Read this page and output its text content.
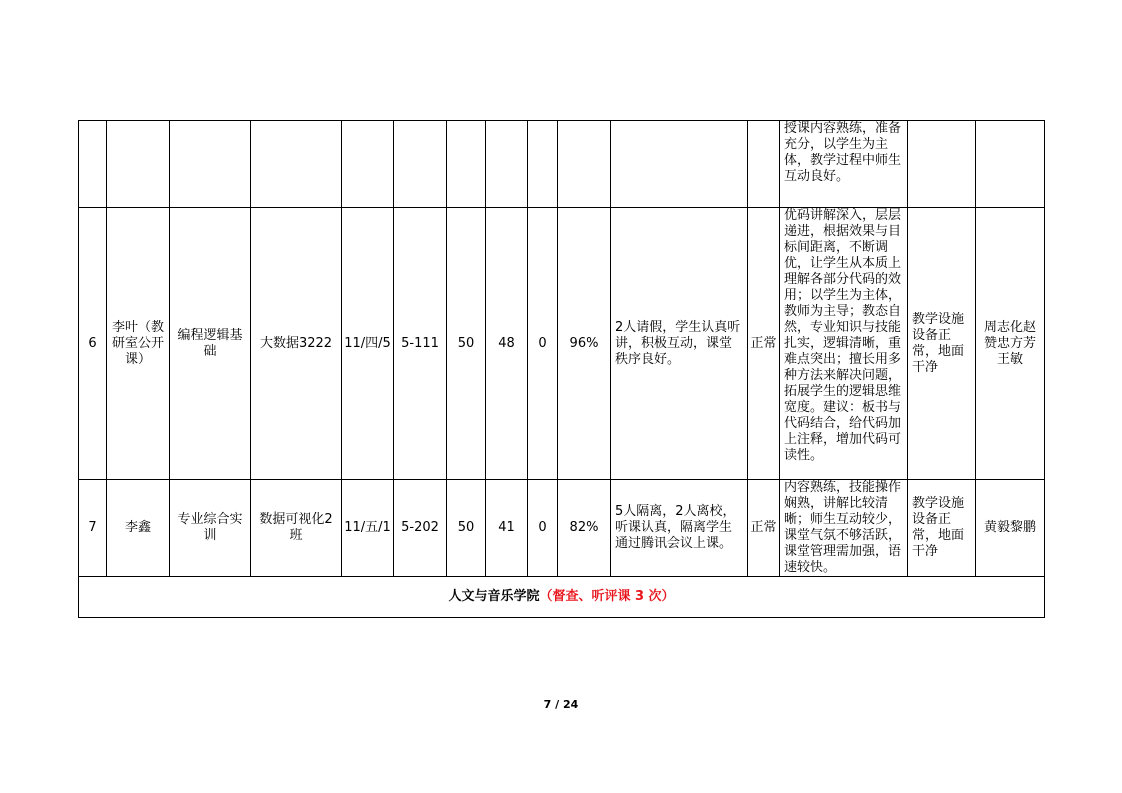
												授课内容熟练，准备充分，以学生为主体，教学过程中师生互动良好。		
6	李叶（教研室公开课）	编程逻辑基础	大数据3222	11/四/5	5-111	50	48	0	96%	2人请假，学生认真听讲，积极互动，课堂秩序良好。	正常	优码讲解深入，层层递进，根据效果与目标间距离，不断调优，让学生从本质上理解各部分代码的效用；以学生为主体，教师为主导；教态自然，专业知识与技能扎实，逻辑清晰，重难点突出；擅长用多种方法来解决问题，拓展学生的逻辑思维宽度。建议：板书与代码结合，给代码加上注释，增加代码可读性。	教学设施设备正常，地面干净	周志化赵赞忠方芳王敏
7	李鑫	专业综合实训	数据可视化2班	11/五/1	5-202	50	41	0	82%	5人隔离，2人离校，听课认真，隔离学生通过腾讯会议上课。	正常	内容熟练，技能操作娴熟，讲解比较清晰；师生互动较少，课堂气氛不够活跃，课堂管理需加强，语速较快。	教学设施设备正常，地面干净	黄毅黎鹏
人文与音乐学院（督查、听评课 3 次）														
7 / 24
